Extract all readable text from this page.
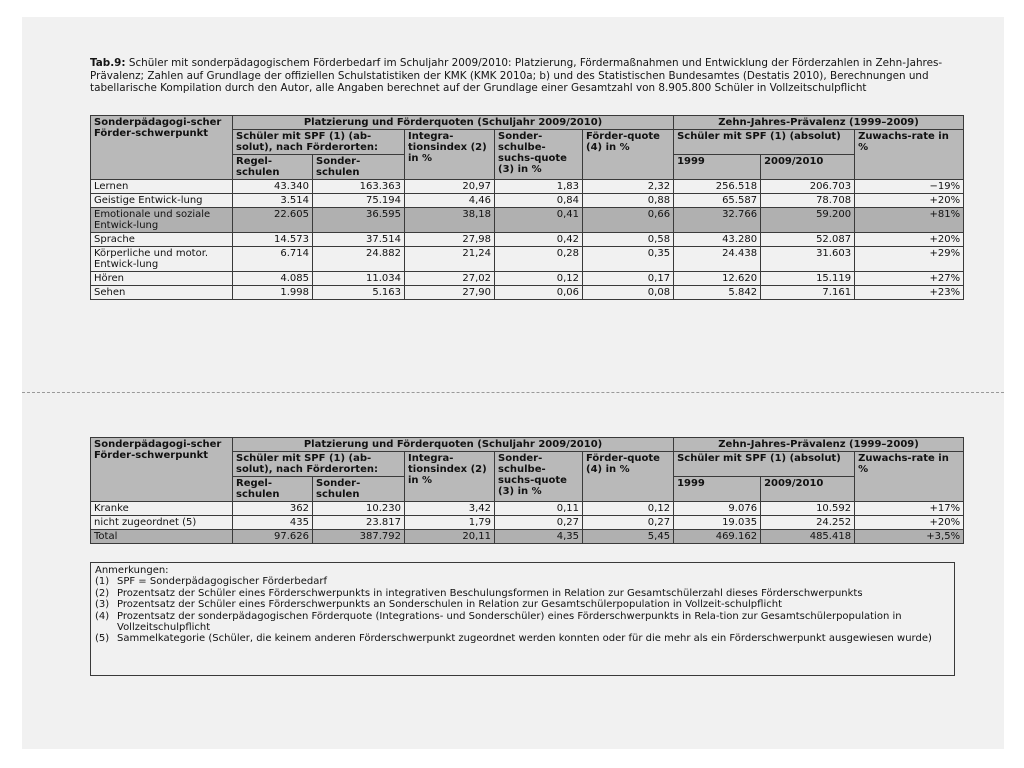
Tab.9: Schüler mit sonderpädagogischem Förderbedarf im Schuljahr 2009/2010: Platzierung, Fördermaßnahmen und Entwicklung der Förderzahlen in Zehn-Jahres-Prävalenz; Zahlen auf Grundlage der offiziellen Schulstatistiken der KMK (KMK 2010a; b) und des Statistischen Bundesamtes (Destatis 2010), Berechnungen und tabellarische Kompilation durch den Autor, alle Angaben berechnet auf der Grundlage einer Gesamtzahl von 8.905.800 Schüler in Vollzeitschulpflicht
Sonderpädagogi-scher Förder-schwerpunkt	Platzierung und Förderquoten (Schuljahr 2009/2010)					Zehn-Jahres-Prävalenz (1999–2009)		
	Schüler mit SPF (1) (ab-solut), nach Förderorten:		Integra-tionsindex (2) in %	Sonder-schulbe-suchs-quote (3) in %	Förder-quote (4) in %	Schüler mit SPF (1) (absolut)		Zuwachs-rate in %
	Regel-schulen	Sonder-schulen				1999	2009/2010	
Lernen	43.340	163.363	20,97	1,83	2,32	256.518	206.703	−19%
Geistige Entwick-lung	3.514	75.194	4,46	0,84	0,88	65.587	78.708	+20%
Emotionale und soziale Entwick-lung	22.605	36.595	38,18	0,41	0,66	32.766	59.200	+81%
Sprache	14.573	37.514	27,98	0,42	0,58	43.280	52.087	+20%
Körperliche und motor. Entwick-lung	6.714	24.882	21,24	0,28	0,35	24.438	31.603	+29%
Hören	4.085	11.034	27,02	0,12	0,17	12.620	15.119	+27%
Sehen	1.998	5.163	27,90	0,06	0,08	5.842	7.161	+23%
Sonderpädagogi-scher Förder-schwerpunkt	Platzierung und Förderquoten (Schuljahr 2009/2010)					Zehn-Jahres-Prävalenz (1999–2009)		
	Schüler mit SPF (1) (ab-solut), nach Förderorten:		Integra-tionsindex (2) in %	Sonder-schulbe-suchs-quote (3) in %	Förder-quote (4) in %	Schüler mit SPF (1) (absolut)		Zuwachs-rate in %
	Regel-schulen	Sonder-schulen				1999	2009/2010	
Kranke	362	10.230	3,42	0,11	0,12	9.076	10.592	+17%
nicht zugeordnet (5)	435	23.817	1,79	0,27	0,27	19.035	24.252	+20%
Total	97.626	387.792	20,11	4,35	5,45	469.162	485.418	+3,5%
Anmerkungen:
(1) SPF = Sonderpädagogischer Förderbedarf
(2) Prozentsatz der Schüler eines Förderschwerpunkts in integrativen Beschulungsformen in Relation zur Gesamtschülerzahl dieses Förderschwerpunkts
(3) Prozentsatz der Schüler eines Förderschwerpunkts an Sonderschulen in Relation zur Gesamtschülerpopulation in Vollzeit-schulpflicht
(4) Prozentsatz der sonderpädagogischen Förderquote (Integrations- und Sonderschüler) eines Förderschwerpunkts in Rela-tion zur Gesamtschülerpopulation in Vollzeitschulpflicht
(5) Sammelkategorie (Schüler, die keinem anderen Förderschwerpunkt zugeordnet werden konnten oder für die mehr als ein Förderschwerpunkt ausgewiesen wurde)
